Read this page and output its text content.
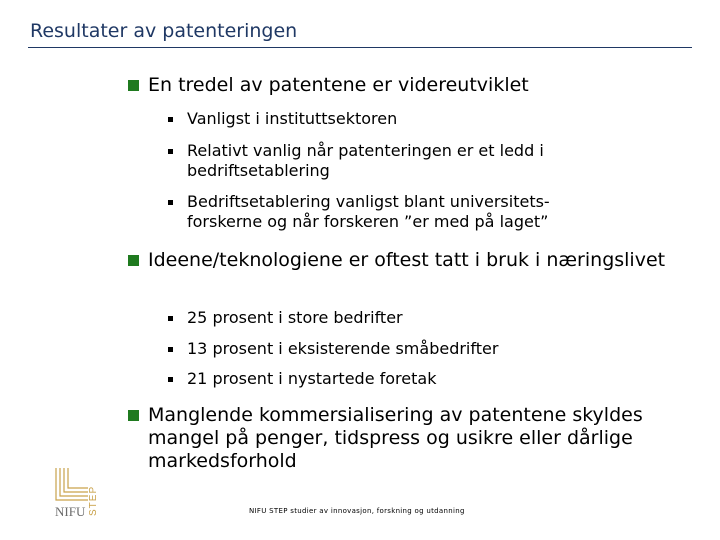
Resultater av patenteringen
En tredel av patentene er videreutviklet
Vanligst i instituttsektoren
Relativt vanlig når patenteringen er et ledd i bedriftsetablering
Bedriftsetablering vanligst blant universitets-forskerne og når forskeren ”er med på laget”
Ideene/teknologiene er oftest tatt i bruk i næringslivet
25 prosent i store bedrifter
13 prosent i eksisterende småbedrifter
21 prosent i nystartede foretak
Manglende kommersialisering av patentene skyldes mangel på penger, tidspress og usikre eller dårlige markedsforhold
NIFU STEP	NIFU STEP studier av innovasjon, forskning og utdanning
